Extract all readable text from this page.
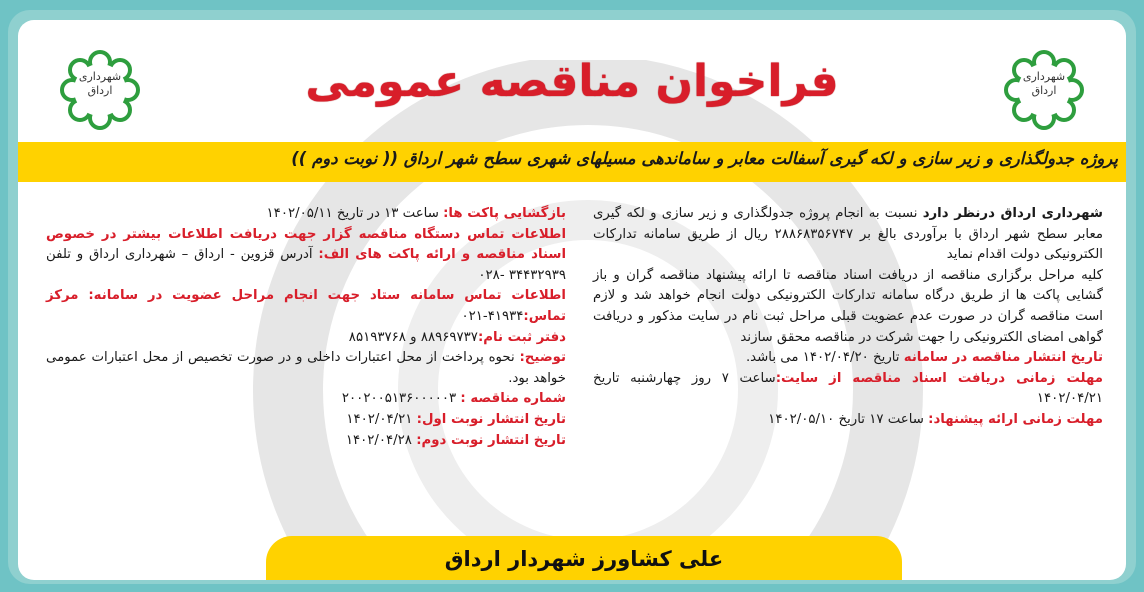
شهرداری
ارداق
شهرداری
ارداق	فراخوان مناقصه عمومی
پروژه جدولگذاری و زیر سازی و لکه گیری آسفالت معابر و ساماندهی مسیلهای شهری سطح شهر ارداق (( نوبت دوم ))

شهرداری ارداق درنظر دارد نسبت به انجام پروژه جدولگذاری و زیر سازی و لکه گیری معابر سطح شهر ارداق با برآوردی بالغ بر ۲۸۸۶۸۳۵۶۷۴۷ ریال از طریق سامانه تدارکات الکترونیکی دولت اقدام نماید

کلیه مراحل برگزاری مناقصه از دریافت اسناد مناقصه تا ارائه پیشنهاد مناقصه گران و باز گشایی پاکت ها از طریق درگاه سامانه تدارکات الکترونیکی دولت انجام خواهد شد و لازم است مناقصه گران در صورت عدم عضویت قبلی مراحل ثبت نام در سایت مذکور و دریافت گواهی امضای الکترونیکی را جهت شرکت در مناقصه محقق سازند

تاریخ انتشار مناقصه در سامانه تاریخ ۱۴۰۲/۰۴/۲۰ می باشد.

مهلت زمانی دریافت اسناد مناقصه از سایت:ساعت ۷ روز چهارشنبه تاریخ ۱۴۰۲/۰۴/۲۱

مهلت زمانی ارائه پیشنهاد: ساعت ۱۷ تاریخ ۱۴۰۲/۰۵/۱۰

بازگشایی پاکت ها: ساعت ۱۳ در تاریخ ۱۴۰۲/۰۵/۱۱

اطلاعات تماس دستگاه مناقصه گزار جهت دریافت اطلاعات بیشتر در خصوص اسناد مناقصه و ارائه پاکت های الف: آدرس قزوین - ارداق – شهرداری ارداق و تلفن ۳۴۴۳۲۹۳۹ -۰۲۸

اطلاعات تماس سامانه ستاد جهت انجام مراحل عضویت در سامانه: مرکز تماس:۴۱۹۳۴-۰۲۱

دفتر ثبت نام:۸۸۹۶۹۷۳۷ و ۸۵۱۹۳۷۶۸

توضیح: نحوه پرداخت از محل اعتبارات داخلی و در صورت تخصیص از محل اعتبارات عمومی خواهد بود.

شماره مناقصه : ۲۰۰۲۰۰۵۱۳۶۰۰۰۰۰۳

تاریخ انتشار نوبت اول: ۱۴۰۲/۰۴/۲۱

تاریخ انتشار نوبت دوم: ۱۴۰۲/۰۴/۲۸

علی کشاورز شهردار ارداق
